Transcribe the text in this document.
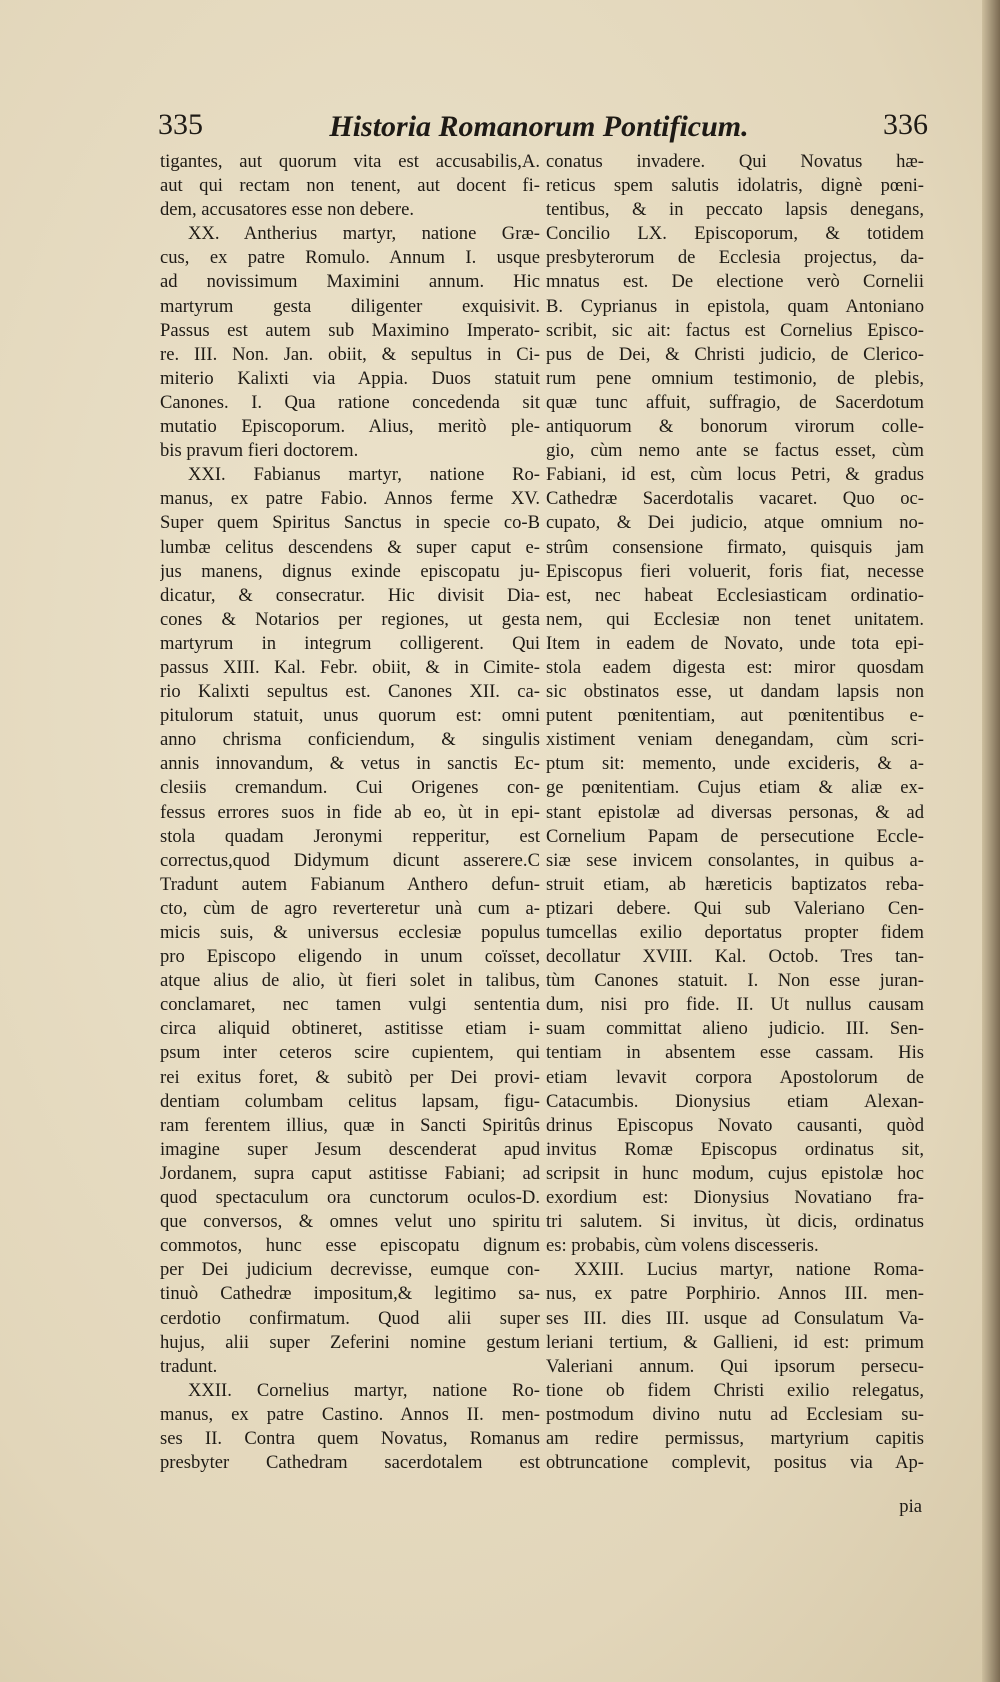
335	Historia Romanorum Pontificum.	336
tigantes, aut quorum vita est accusabilis,A.
aut qui rectam non tenent, aut docent fi-
dem, accusatores esse non debere.
XX. Antherius martyr, natione Græ-
cus, ex patre Romulo. Annum I. usque
ad novissimum Maximini annum. Hic
martyrum gesta diligenter exquisivit.
Passus est autem sub Maximino Imperato-
re. III. Non. Jan. obiit, & sepultus in Ci-
miterio Kalixti via Appia. Duos statuit
Canones. I. Qua ratione concedenda sit
mutatio Episcoporum. Alius, meritò ple-
bis pravum fieri doctorem.
XXI. Fabianus martyr, natione Ro-
manus, ex patre Fabio. Annos ferme XV.
Super quem Spiritus Sanctus in specie co-B
lumbæ celitus descendens & super caput e-
jus manens, dignus exinde episcopatu ju-
dicatur, & consecratur. Hic divisit Dia-
cones & Notarios per regiones, ut gesta
martyrum in integrum colligerent. Qui
passus XIII. Kal. Febr. obiit, & in Cimite-
rio Kalixti sepultus est. Canones XII. ca-
pitulorum statuit, unus quorum est: omni
anno chrisma conficiendum, & singulis
annis innovandum, & vetus in sanctis Ec-
clesiis cremandum. Cui Origenes con-
fessus errores suos in fide ab eo, ùt in epi-
stola quadam Jeronymi repperitur, est
correctus,quod Didymum dicunt asserere.C
Tradunt autem Fabianum Anthero defun-
cto, cùm de agro reverteretur unà cum a-
micis suis, & universus ecclesiæ populus
pro Episcopo eligendo in unum coïsset,
atque alius de alio, ùt fieri solet in talibus,
conclamaret, nec tamen vulgi sententia
circa aliquid obtineret, astitisse etiam i-
psum inter ceteros scire cupientem, qui
rei exitus foret, & subitò per Dei provi-
dentiam columbam celitus lapsam, figu-
ram ferentem illius, quæ in Sancti Spiritûs
imagine super Jesum descenderat apud
Jordanem, supra caput astitisse Fabiani; ad
quod spectaculum ora cunctorum oculos-D.
que conversos, & omnes velut uno spiritu
commotos, hunc esse episcopatu dignum
per Dei judicium decrevisse, eumque con-
tinuò Cathedræ impositum,& legitimo sa-
cerdotio confirmatum. Quod alii super
hujus, alii super Zeferini nomine gestum
tradunt.
XXII. Cornelius martyr, natione Ro-
manus, ex patre Castino. Annos II. men-
ses II. Contra quem Novatus, Romanus
presbyter Cathedram sacerdotalem est
conatus invadere. Qui Novatus hæ-
reticus spem salutis idolatris, dignè pœni-
tentibus, & in peccato lapsis denegans,
Concilio LX. Episcoporum, & totidem
presbyterorum de Ecclesia projectus, da-
mnatus est. De electione verò Cornelii
B. Cyprianus in epistola, quam Antoniano
scribit, sic ait: factus est Cornelius Episco-
pus de Dei, & Christi judicio, de Clerico-
rum pene omnium testimonio, de plebis,
quæ tunc affuit, suffragio, de Sacerdotum
antiquorum & bonorum virorum colle-
gio, cùm nemo ante se factus esset, cùm
Fabiani, id est, cùm locus Petri, & gradus
Cathedræ Sacerdotalis vacaret. Quo oc-
cupato, & Dei judicio, atque omnium no-
strûm consensione firmato, quisquis jam
Episcopus fieri voluerit, foris fiat, necesse
est, nec habeat Ecclesiasticam ordinatio-
nem, qui Ecclesiæ non tenet unitatem.
Item in eadem de Novato, unde tota epi-
stola eadem digesta est: miror quosdam
sic obstinatos esse, ut dandam lapsis non
putent pœnitentiam, aut pœnitentibus e-
xistiment veniam denegandam, cùm scri-
ptum sit: memento, unde excideris, & a-
ge pœnitentiam. Cujus etiam & aliæ ex-
stant epistolæ ad diversas personas, & ad
Cornelium Papam de persecutione Eccle-
siæ sese invicem consolantes, in quibus a-
struit etiam, ab hæreticis baptizatos reba-
ptizari debere. Qui sub Valeriano Cen-
tumcellas exilio deportatus propter fidem
decollatur XVIII. Kal. Octob. Tres tan-
tùm Canones statuit. I. Non esse juran-
dum, nisi pro fide. II. Ut nullus causam
suam committat alieno judicio. III. Sen-
tentiam in absentem esse cassam. His
etiam levavit corpora Apostolorum de
Catacumbis. Dionysius etiam Alexan-
drinus Episcopus Novato causanti, quòd
invitus Romæ Episcopus ordinatus sit,
scripsit in hunc modum, cujus epistolæ hoc
exordium est: Dionysius Novatiano fra-
tri salutem. Si invitus, ùt dicis, ordinatus
es: probabis, cùm volens discesseris.
XXIII. Lucius martyr, natione Roma-
nus, ex patre Porphirio. Annos III. men-
ses III. dies III. usque ad Consulatum Va-
leriani tertium, & Gallieni, id est: primum
Valeriani annum. Qui ipsorum persecu-
tione ob fidem Christi exilio relegatus,
postmodum divino nutu ad Ecclesiam su-
am redire permissus, martyrium capitis
obtruncatione complevit, positus via Ap-
pia
